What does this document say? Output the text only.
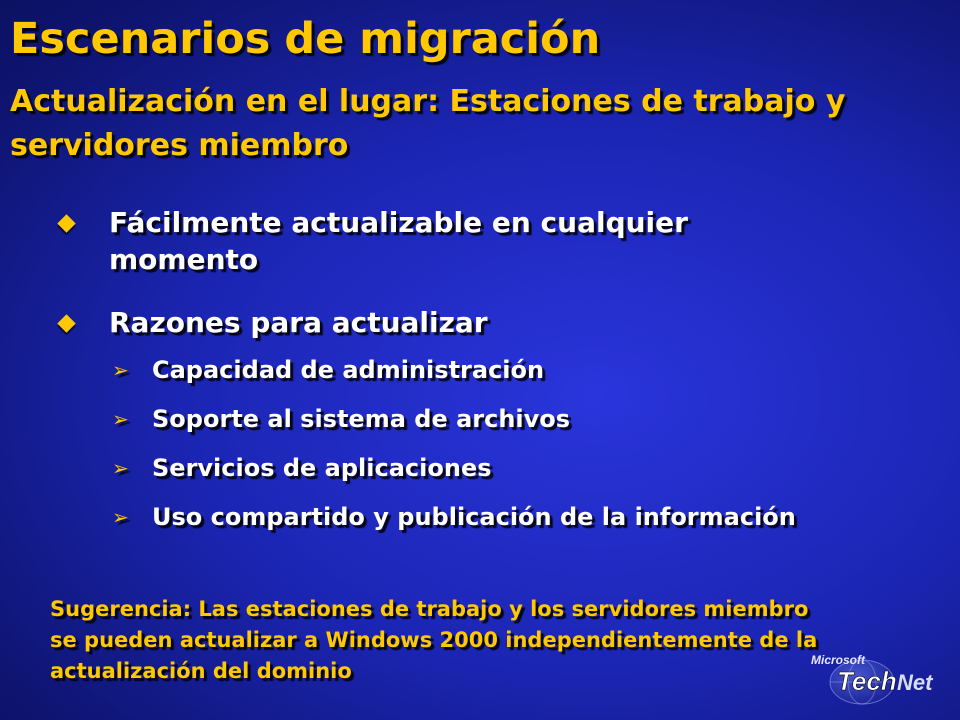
Escenarios de migración
Actualización en el lugar: Estaciones de trabajo y servidores miembro
Fácilmente actualizable en cualquier momento
Razones para actualizar
➢ Capacidad de administración
➢ Soporte al sistema de archivos
➢ Servicios de aplicaciones
➢ Uso compartido y publicación de la información
Sugerencia: Las estaciones de trabajo y los servidores miembro se pueden actualizar a Windows 2000 independientemente de la actualización del dominio	Microsoft
Tech Net
